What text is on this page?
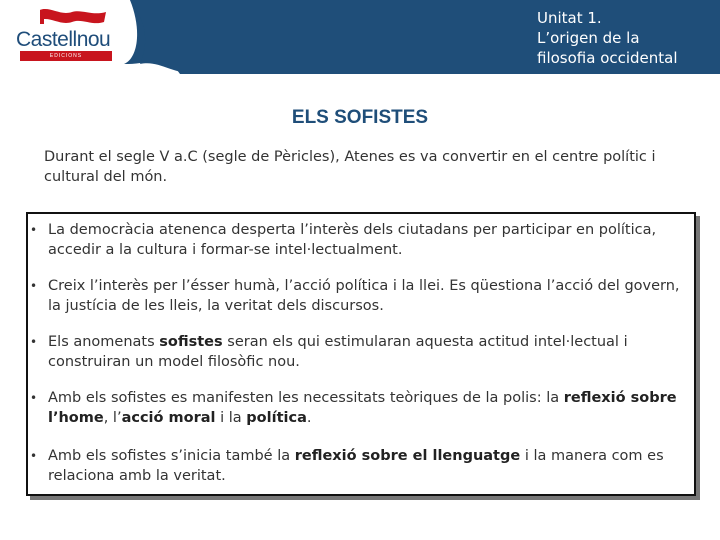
Castellnou
EDICIONS
Unitat 1.
L’origen de la
filosofia occidental
ELS SOFISTES
Durant el segle V a.C (segle de Pèricles), Atenes es va convertir en el centre polític i cultural del món.
• La democràcia atenenca desperta l’interès dels ciutadans per participar en política, accedir a la cultura i formar-se intel·lectualment.
• Creix l’interès per l’ésser humà, l’acció política i la llei. Es qüestiona l’acció del govern, la justícia de les lleis, la veritat dels discursos.
• Els anomenats sofistes seran els qui estimularan aquesta actitud intel·lectual i construiran un model filosòfic nou.
• Amb els sofistes es manifesten les necessitats teòriques de la polis: la reflexió sobre l’home, l’acció moral i la política.
• Amb els sofistes s’inicia també la reflexió sobre el llenguatge i la manera com es relaciona amb la veritat.
